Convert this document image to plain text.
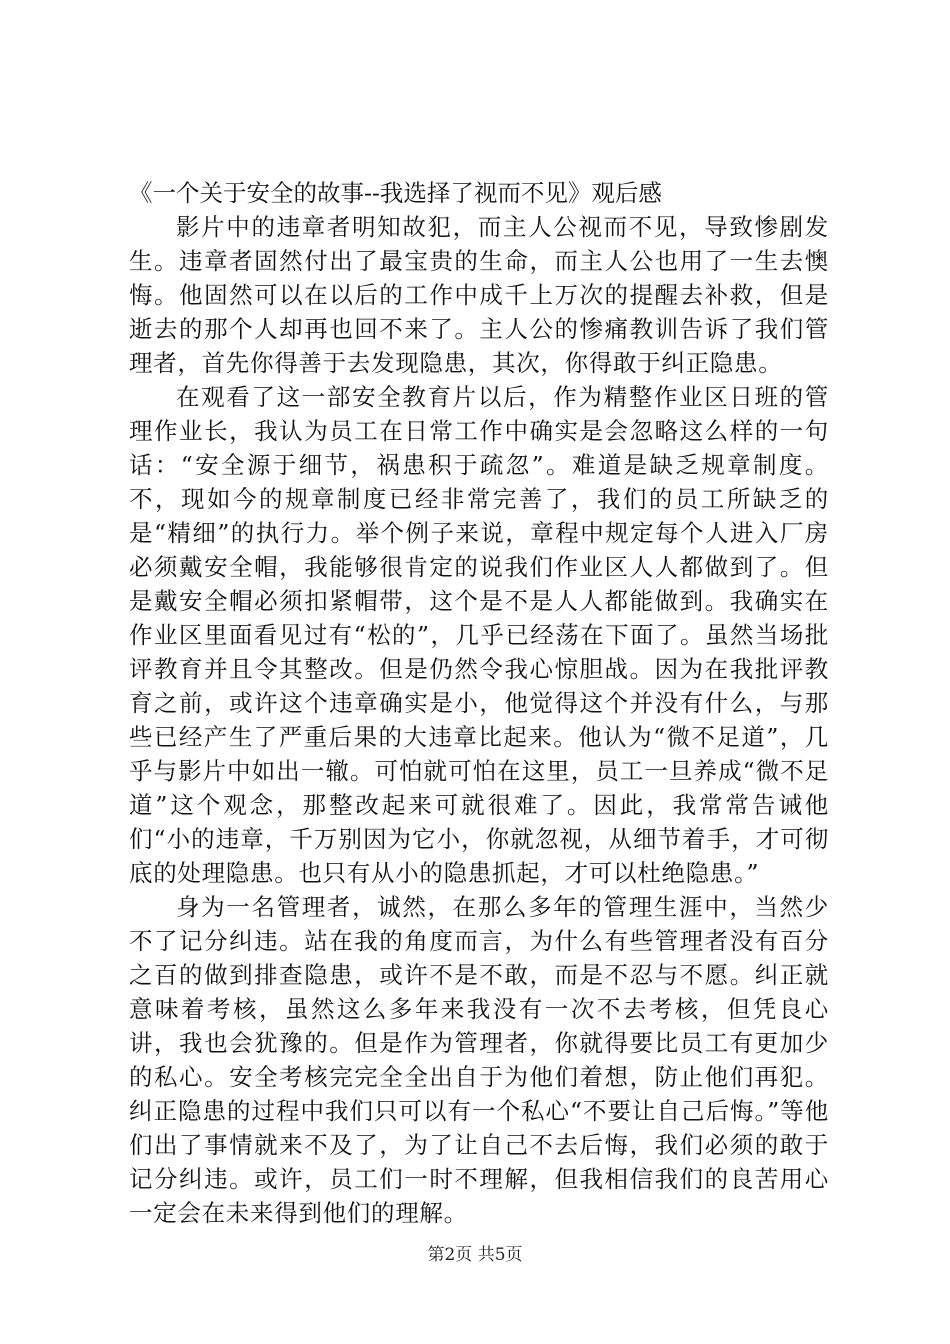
《一个关于安全的故事--我选择了视而不见》观后感

影片中的违章者明知故犯，而主人公视而不见，导致惨剧发生。违章者固然付出了最宝贵的生命，而主人公也用了一生去懊悔。他固然可以在以后的工作中成千上万次的提醒去补救，但是逝去的那个人却再也回不来了。主人公的惨痛教训告诉了我们管理者，首先你得善于去发现隐患，其次，你得敢于纠正隐患。

在观看了这一部安全教育片以后，作为精整作业区日班的管理作业长，我认为员工在日常工作中确实是会忽略这么样的一句话：“安全源于细节，祸患积于疏忽”。难道是缺乏规章制度。不，现如今的规章制度已经非常完善了，我们的员工所缺乏的是“精细”的执行力。举个例子来说，章程中规定每个人进入厂房必须戴安全帽，我能够很肯定的说我们作业区人人都做到了。但是戴安全帽必须扣紧帽带，这个是不是人人都能做到。我确实在作业区里面看见过有“松的”，几乎已经荡在下面了。虽然当场批评教育并且令其整改。但是仍然令我心惊胆战。因为在我批评教育之前，或许这个违章确实是小，他觉得这个并没有什么，与那些已经产生了严重后果的大违章比起来。他认为“微不足道”，几乎与影片中如出一辙。可怕就可怕在这里，员工一旦养成“微不足道”这个观念，那整改起来可就很难了。因此，我常常告诫他们“小的违章，千万别因为它小，你就忽视，从细节着手，才可彻底的处理隐患。也只有从小的隐患抓起，才可以杜绝隐患。”

身为一名管理者，诚然，在那么多年的管理生涯中，当然少不了记分纠违。站在我的角度而言，为什么有些管理者没有百分之百的做到排查隐患，或许不是不敢，而是不忍与不愿。纠正就意味着考核，虽然这么多年来我没有一次不去考核，但凭良心讲，我也会犹豫的。但是作为管理者，你就得要比员工有更加少的私心。安全考核完完全全出自于为他们着想，防止他们再犯。纠正隐患的过程中我们只可以有一个私心“不要让自己后悔。”等他们出了事情就来不及了，为了让自己不去后悔，我们必须的敢于记分纠违。或许，员工们一时不理解，但我相信我们的良苦用心一定会在未来得到他们的理解。

第2页 共5页
